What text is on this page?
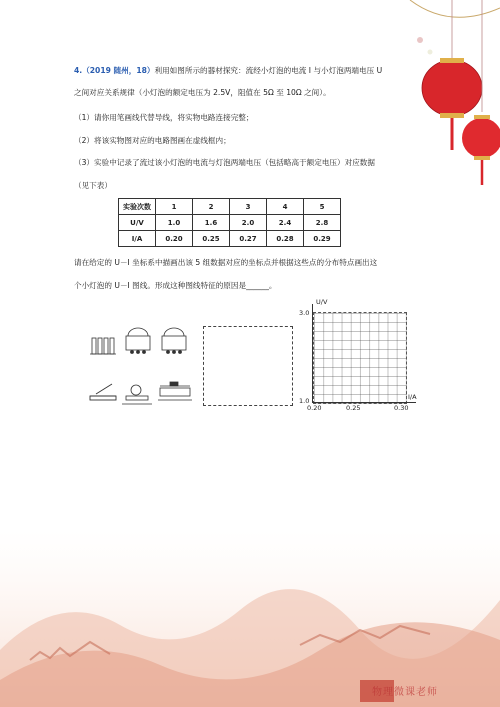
4.（2019 随州，18）利用如图所示的器材探究：流经小灯泡的电流 I 与小灯泡两端电压 U
之间对应关系规律（小灯泡的额定电压为 2.5V，阻值在 5Ω 至 10Ω 之间）。
（1）请你用笔画线代替导线，将实物电路连接完整；
（2）将该实物图对应的电路图画在虚线框内；
（3）实验中记录了流过该小灯泡的电流与灯泡两端电压（包括略高于额定电压）对应数据
（见下表）
实验次数	1	2	3	4	5
U/V	1.0	1.6	2.0	2.4	2.8
I/A	0.20	0.25	0.27	0.28	0.29
请在给定的 U－I 坐标系中描画出该 5 组数据对应的坐标点并根据这些点的分布特点画出这
个小灯泡的 U－I 图线。形成这种图线特征的原因是______。
U/V
I/A
3.0
1.0
0.20	0.25	0.30
物理微课老师
